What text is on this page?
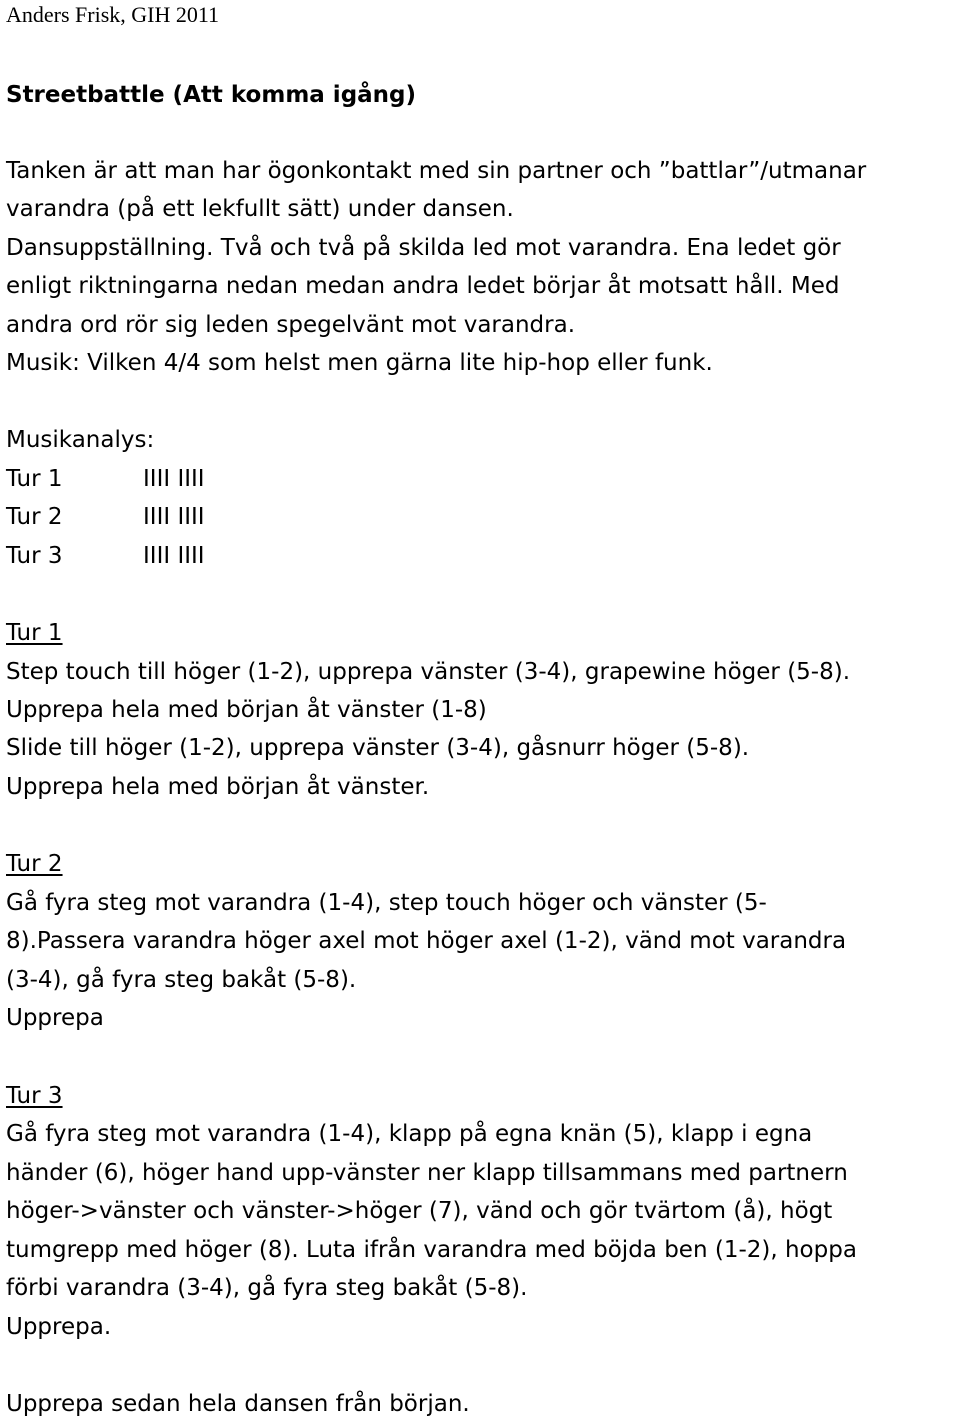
Anders Frisk, GIH 2011
Streetbattle (Att komma igång)
Tanken är att man har ögonkontakt med sin partner och ”battlar”/utmanar
varandra (på ett lekfullt sätt) under dansen.
Dansuppställning. Två och två på skilda led mot varandra. Ena ledet gör
enligt riktningarna nedan medan andra ledet börjar åt motsatt håll. Med
andra ord rör sig leden spegelvänt mot varandra.
Musik: Vilken 4/4 som helst men gärna lite hip-hop eller funk.
Musikanalys:
Tur 1	IIII IIII
Tur 2	IIII IIII
Tur 3	IIII IIII
Tur 1
Step touch till höger (1-2), upprepa vänster (3-4), grapewine höger (5-8).
Upprepa hela med början åt vänster (1-8)
Slide till höger (1-2), upprepa vänster (3-4), gåsnurr höger (5-8).
Upprepa hela med början åt vänster.
Tur 2
Gå fyra steg mot varandra (1-4), step touch höger och vänster (5-
8).Passera varandra höger axel mot höger axel (1-2), vänd mot varandra
(3-4), gå fyra steg bakåt (5-8).
Upprepa
Tur 3
Gå fyra steg mot varandra (1-4), klapp på egna knän (5), klapp i egna
händer (6), höger hand upp-vänster ner klapp tillsammans med partnern
höger->vänster och vänster->höger (7), vänd och gör tvärtom (å), högt
tumgrepp med höger (8). Luta ifrån varandra med böjda ben (1-2), hoppa
förbi varandra (3-4), gå fyra steg bakåt (5-8).
Upprepa.
Upprepa sedan hela dansen från början.
